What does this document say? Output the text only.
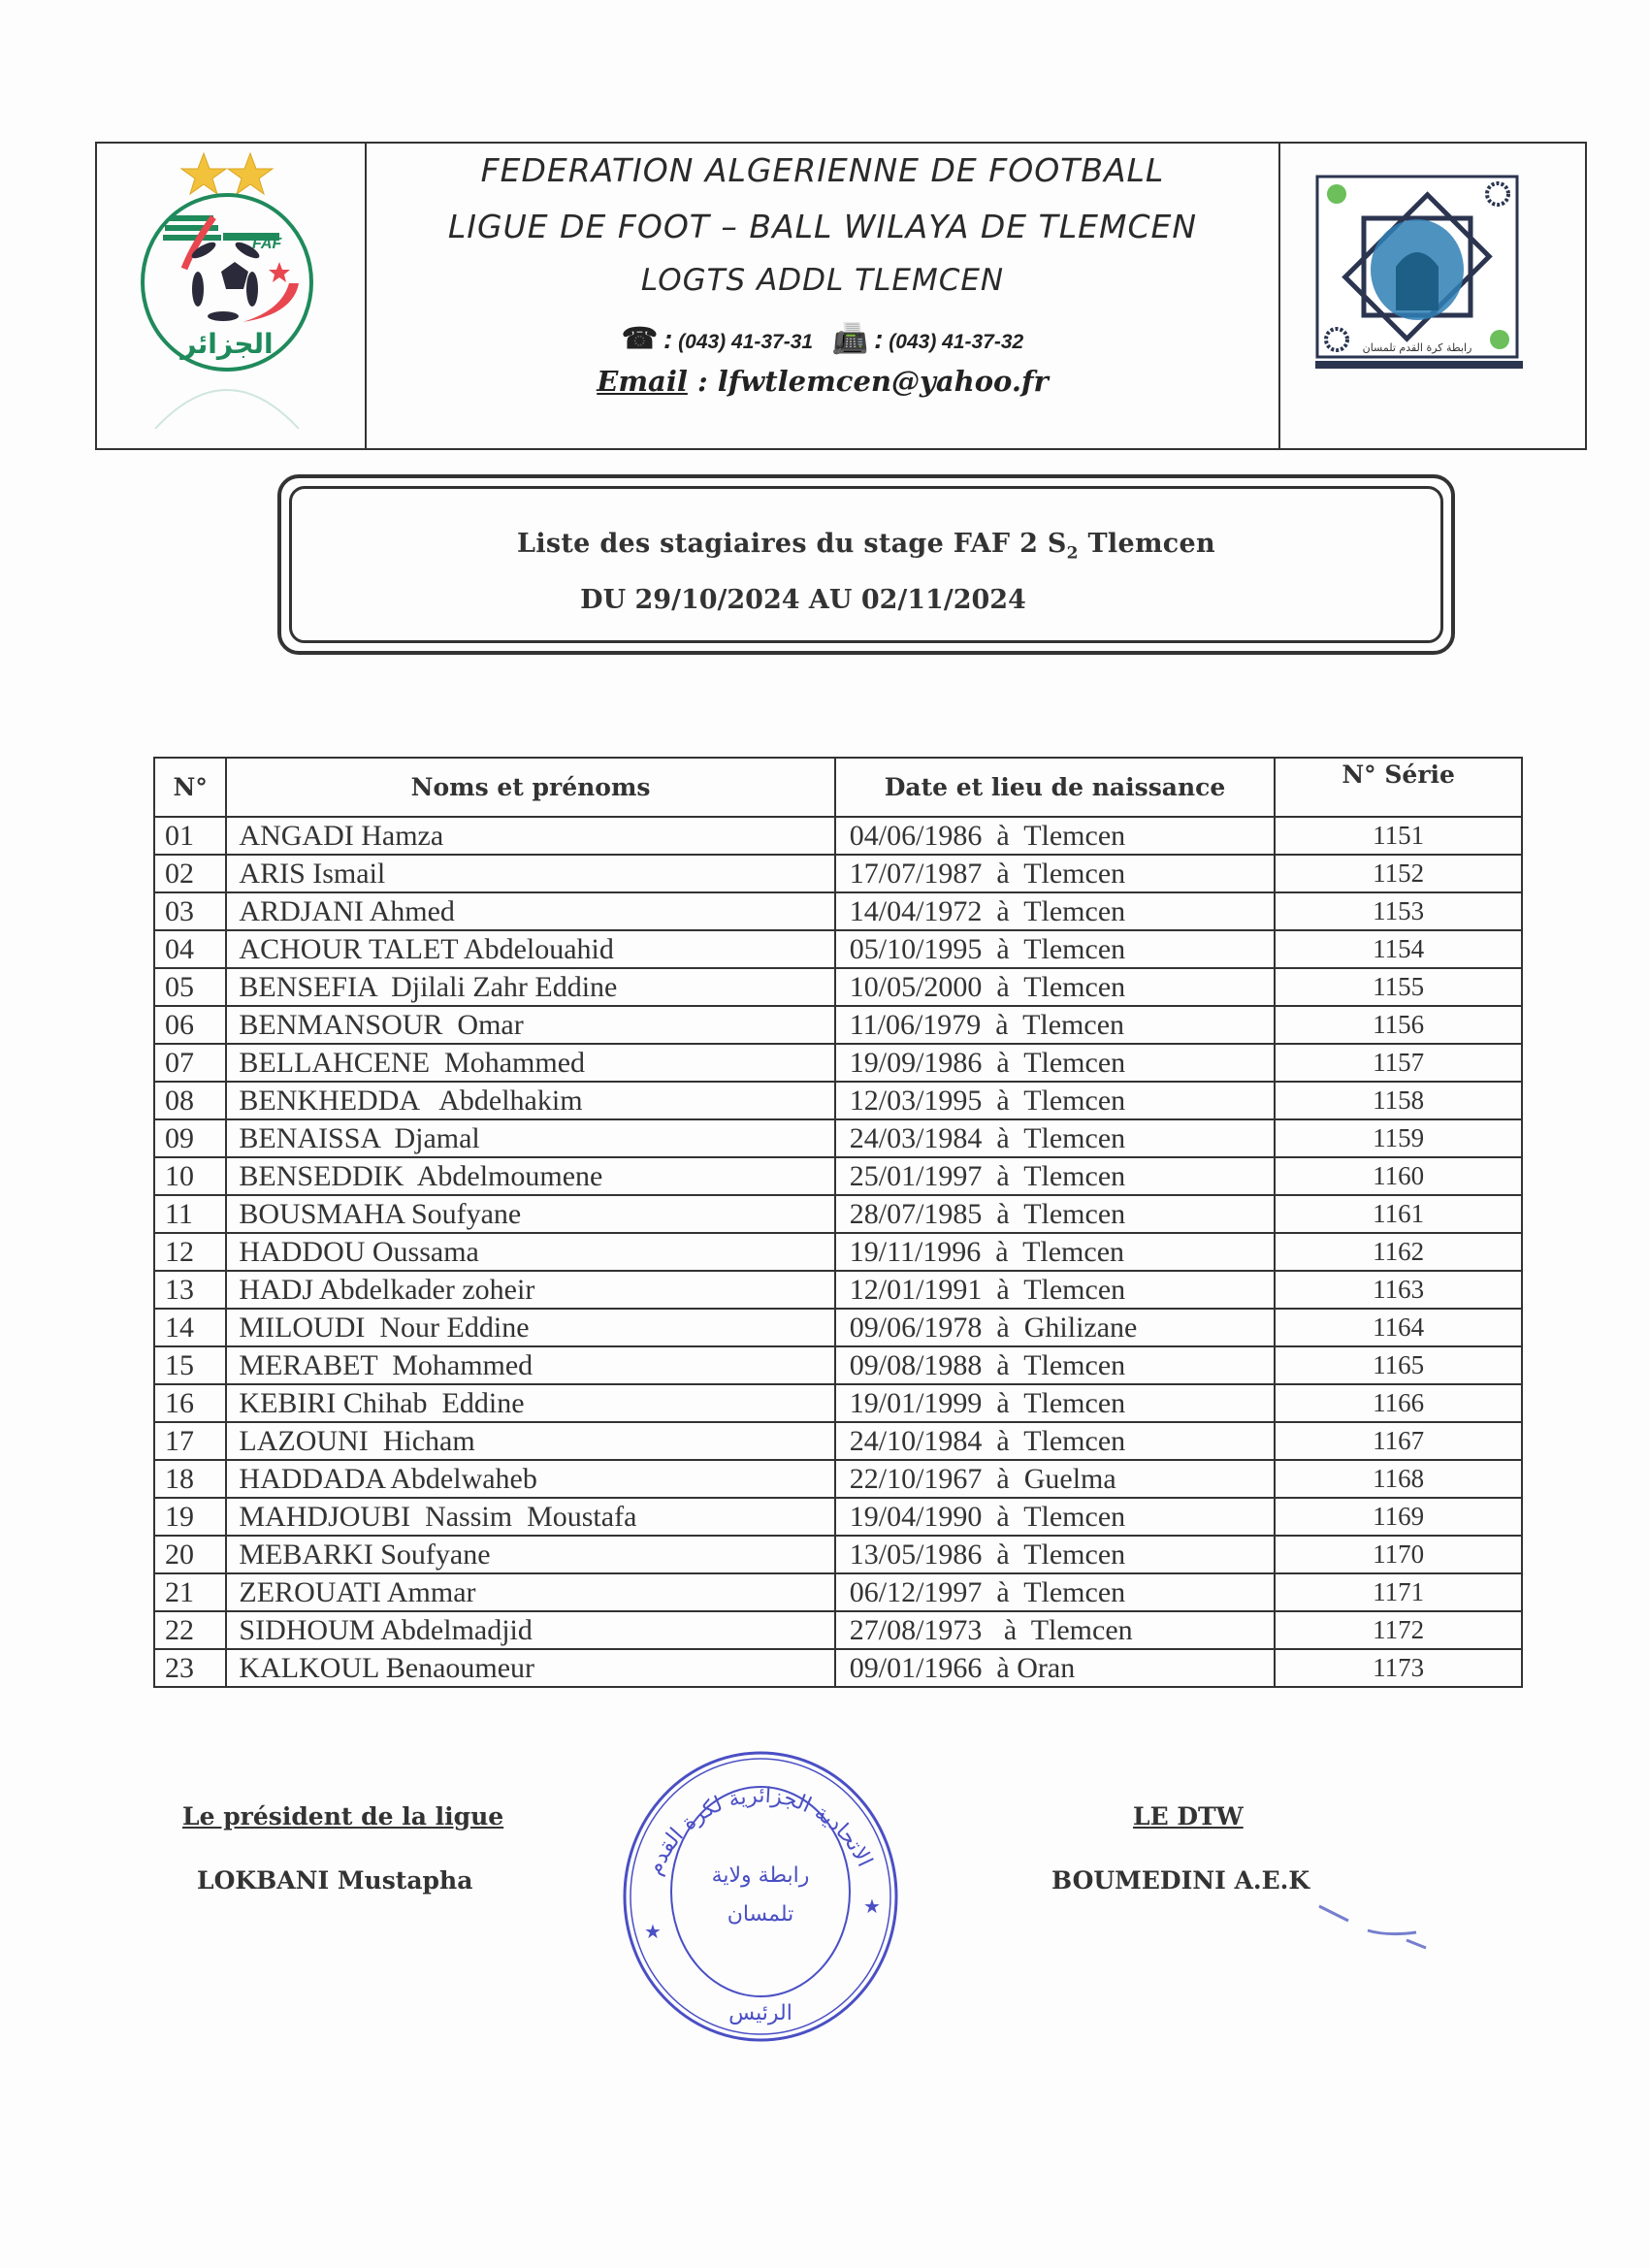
FAF
الجزائر
FEDERATION ALGERIENNE DE FOOTBALL
LIGUE DE FOOT – BALL WILAYA DE TLEMCEN
LOGTS ADDL TLEMCEN
☎ : (043) 41-37-31 📠 : (043) 41-37-32
Email : lfwtlemcen@yahoo.fr
رابطة كرة القدم تلمسان
Liste des stagiaires du stage FAF 2 $S_2$ Tlemcen
DU 29/10/2024 AU 02/11/2024
N°	Noms et prénoms	Date et lieu de naissance	N° Série
01	ANGADI Hamza	04/06/1986  à  Tlemcen	1151
02	ARIS Ismail	17/07/1987  à  Tlemcen	1152
03	ARDJANI Ahmed	14/04/1972  à  Tlemcen	1153
04	ACHOUR TALET Abdelouahid	05/10/1995  à  Tlemcen	1154
05	BENSEFIA  Djilali Zahr Eddine	10/05/2000  à  Tlemcen	1155
06	BENMANSOUR  Omar	11/06/1979  à  Tlemcen	1156
07	BELLAHCENE  Mohammed	19/09/1986  à  Tlemcen	1157
08	BENKHEDDA   Abdelhakim	12/03/1995  à  Tlemcen	1158
09	BENAISSA  Djamal	24/03/1984  à  Tlemcen	1159
10	BENSEDDIK  Abdelmoumene	25/01/1997  à  Tlemcen	1160
11	BOUSMAHA Soufyane	28/07/1985  à  Tlemcen	1161
12	HADDOU Oussama	19/11/1996  à  Tlemcen	1162
13	HADJ Abdelkader zoheir	12/01/1991  à  Tlemcen	1163
14	MILOUDI  Nour Eddine	09/06/1978  à  Ghilizane	1164
15	MERABET  Mohammed	09/08/1988  à  Tlemcen	1165
16	KEBIRI Chihab  Eddine	19/01/1999  à  Tlemcen	1166
17	LAZOUNI  Hicham	24/10/1984  à  Tlemcen	1167
18	HADDADA Abdelwaheb	22/10/1967  à  Guelma	1168
19	MAHDJOUBI  Nassim  Moustafa	19/04/1990  à  Tlemcen	1169
20	MEBARKI Soufyane	13/05/1986  à  Tlemcen	1170
21	ZEROUATI Ammar	06/12/1997  à  Tlemcen	1171
22	SIDHOUM Abdelmadjid	27/08/1973   à  Tlemcen	1172
23	KALKOUL Benaoumeur	09/01/1966  à Oran	1173
Le président de la ligue
LOKBANI Mustapha
LE DTW
BOUMEDINI A.E.K
الاتحادية الجزائرية لكرة القدم
رابطة ولاية
تلمسان
الرئيس
★
★
